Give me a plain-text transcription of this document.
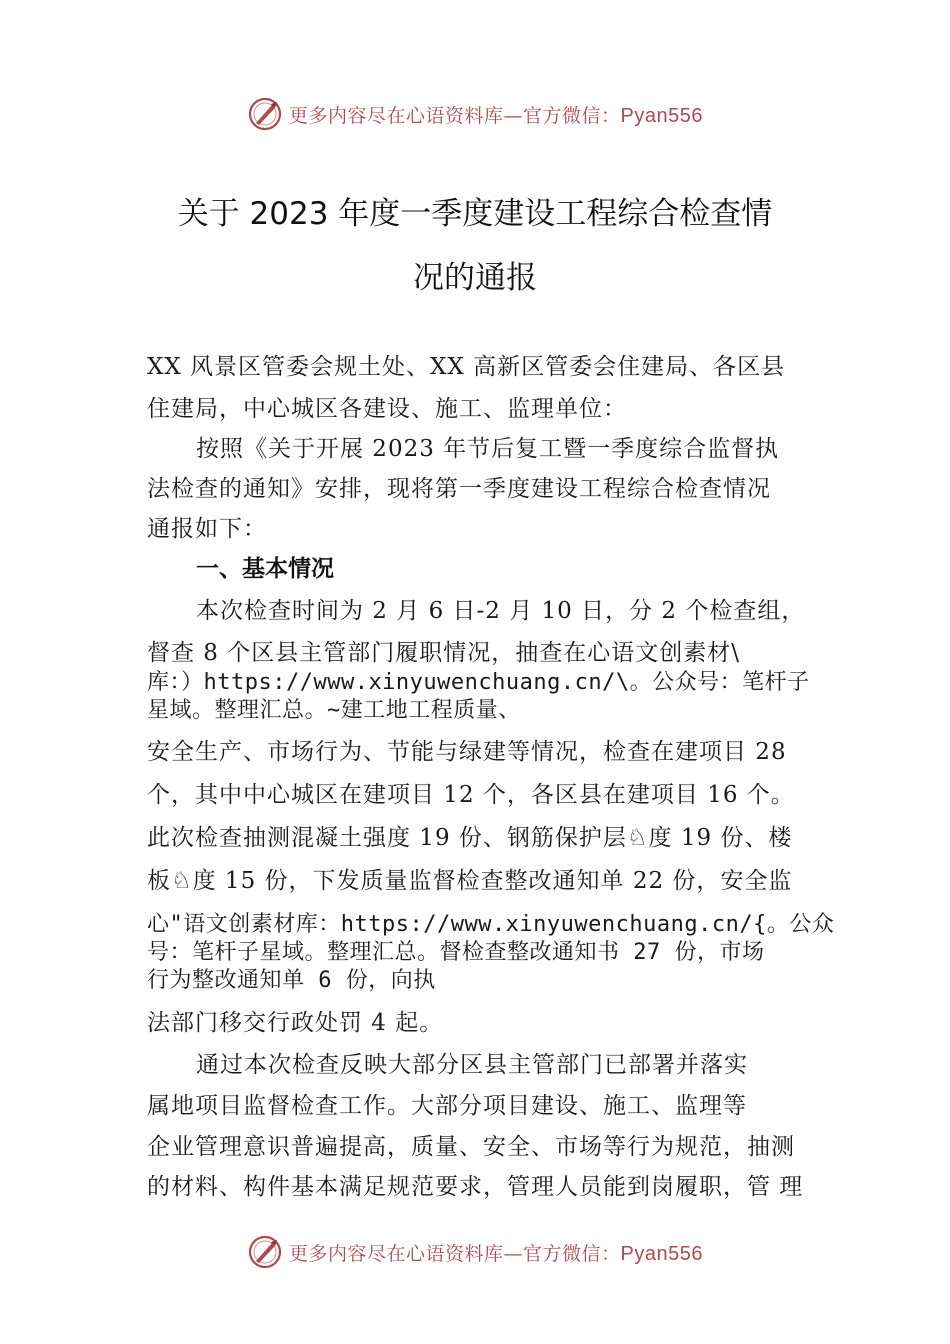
更多内容尽在心语资料库—官方微信：Pyan556
关于 2023 年度一季度建设工程综合检查情
况的通报
XX 风景区管委会规土处、XX 高新区管委会住建局、各区县
住建局，中心城区各建设、施工、监理单位：
按照《关于开展 2023 年节后复工暨一季度综合监督执
法检查的通知》安排，现将第一季度建设工程综合检查情况
通报如下：
一、基本情况
本次检查时间为 2 月 6 日-2 月 10 日，分 2 个检查组，
督查 8 个区县主管部门履职情况，抽查在心语文创素材\
库：）https://www.xinyuwenchuang.cn/\。公众号：笔杆子
星域。整理汇总。~建工地工程质量、
安全生产、市场行为、节能与绿建等情况，检查在建项目 28
个，其中中心城区在建项目 12 个，各区县在建项目 16 个。
此次检查抽测混凝土强度 19 份、钢筋保护层♘度 19 份、楼
板♘度 15 份，下发质量监督检查整改通知单 22 份，安全监
心"语文创素材库：https://www.xinyuwenchuang.cn/{。公众
号：笔杆子星域。整理汇总。督检查整改通知书 27 份，市场
行为整改通知单 6 份，向执
法部门移交行政处罚 4 起。
通过本次检查反映大部分区县主管部门已部署并落实
属地项目监督检查工作。大部分项目建设、施工、监理等
企业管理意识普遍提高，质量、安全、市场等行为规范，抽测
的材料、构件基本满足规范要求，管理人员能到岗履职，管 理
更多内容尽在心语资料库—官方微信：Pyan556
